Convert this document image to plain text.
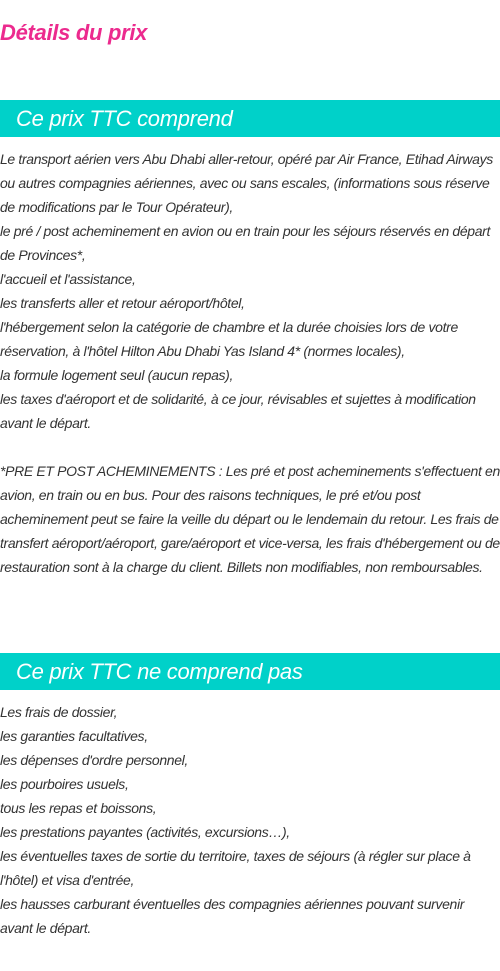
Détails du prix
Ce prix TTC comprend
Le transport aérien vers Abu Dhabi aller-retour, opéré par Air France, Etihad Airways ou autres compagnies aériennes, avec ou sans escales, (informations sous réserve de modifications par le Tour Opérateur),
le pré / post acheminement en avion ou en train pour les séjours réservés en départ de Provinces*,
l'accueil et l'assistance,
les transferts aller et retour aéroport/hôtel,
l'hébergement selon la catégorie de chambre et la durée choisies lors de votre réservation, à l'hôtel Hilton Abu Dhabi Yas Island 4* (normes locales),
la formule logement seul (aucun repas),
les taxes d'aéroport et de solidarité, à ce jour, révisables et sujettes à modification avant le départ.
*PRE ET POST ACHEMINEMENTS : Les pré et post acheminements s'effectuent en avion, en train ou en bus. Pour des raisons techniques, le pré et/ou post acheminement peut se faire la veille du départ ou le lendemain du retour. Les frais de transfert aéroport/aéroport, gare/aéroport et vice-versa, les frais d'hébergement ou de restauration sont à la charge du client. Billets non modifiables, non remboursables.
Ce prix TTC ne comprend pas
Les frais de dossier,
les garanties facultatives,
les dépenses d'ordre personnel,
les pourboires usuels,
tous les repas et boissons,
les prestations payantes (activités, excursions…),
les éventuelles taxes de sortie du territoire, taxes de séjours (à régler sur place à l'hôtel) et visa d'entrée,
les hausses carburant éventuelles des compagnies aériennes pouvant survenir avant le départ.
